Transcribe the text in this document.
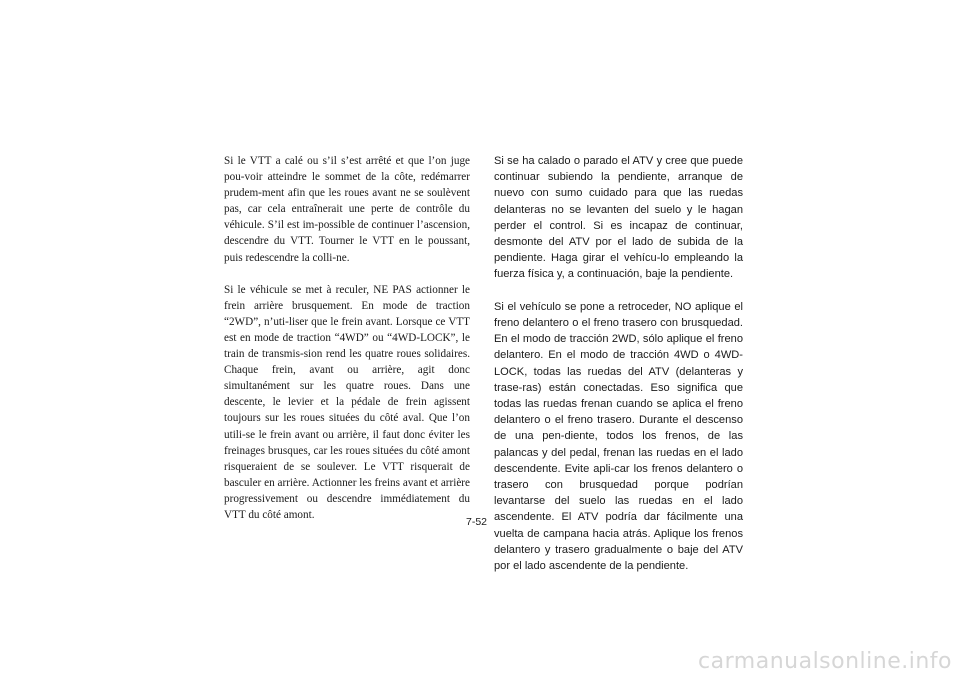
Si le VTT a calé ou s’il s’est arrêté et que l’on juge pou-voir atteindre le sommet de la côte, redémarrer prudem-ment afin que les roues avant ne se soulèvent pas, car cela entraînerait une perte de contrôle du véhicule. S’il est im-possible de continuer l’ascension, descendre du VTT. Tourner le VTT en le poussant, puis redescendre la colli-ne.

Si le véhicule se met à reculer, NE PAS actionner le frein arrière brusquement. En mode de traction “2WD”, n’uti-liser que le frein avant. Lorsque ce VTT est en mode de traction “4WD” ou “4WD-LOCK”, le train de transmis-sion rend les quatre roues solidaires. Chaque frein, avant ou arrière, agit donc simultanément sur les quatre roues. Dans une descente, le levier et la pédale de frein agissent toujours sur les roues situées du côté aval. Que l’on utili-se le frein avant ou arrière, il faut donc éviter les freinages brusques, car les roues situées du côté amont risqueraient de se soulever. Le VTT risquerait de basculer en arrière. Actionner les freins avant et arrière progressivement ou descendre immédiatement du VTT du côté amont.

Si se ha calado o parado el ATV y cree que puede continuar subiendo la pendiente, arranque de nuevo con sumo cuidado para que las ruedas delanteras no se levanten del suelo y le hagan perder el control. Si es incapaz de continuar, desmonte del ATV por el lado de subida de la pendiente. Haga girar el vehícu-lo empleando la fuerza física y, a continuación, baje la pendiente.

Si el vehículo se pone a retroceder, NO aplique el freno delantero o el freno trasero con brusquedad. En el modo de tracción 2WD, sólo aplique el freno delantero. En el modo de tracción 4WD o 4WD-LOCK, todas las ruedas del ATV (delanteras y trase-ras) están conectadas. Eso significa que todas las ruedas frenan cuando se aplica el freno delantero o el freno trasero. Durante el descenso de una pen-diente, todos los frenos, de las palancas y del pedal, frenan las ruedas en el lado descendente. Evite apli-car los frenos delantero o trasero con brusquedad porque podrían levantarse del suelo las ruedas en el lado ascendente. El ATV podría dar fácilmente una vuelta de campana hacia atrás. Aplique los frenos delantero y trasero gradualmente o baje del ATV por el lado ascendente de la pendiente.

7-52
carmanualsonline.info
